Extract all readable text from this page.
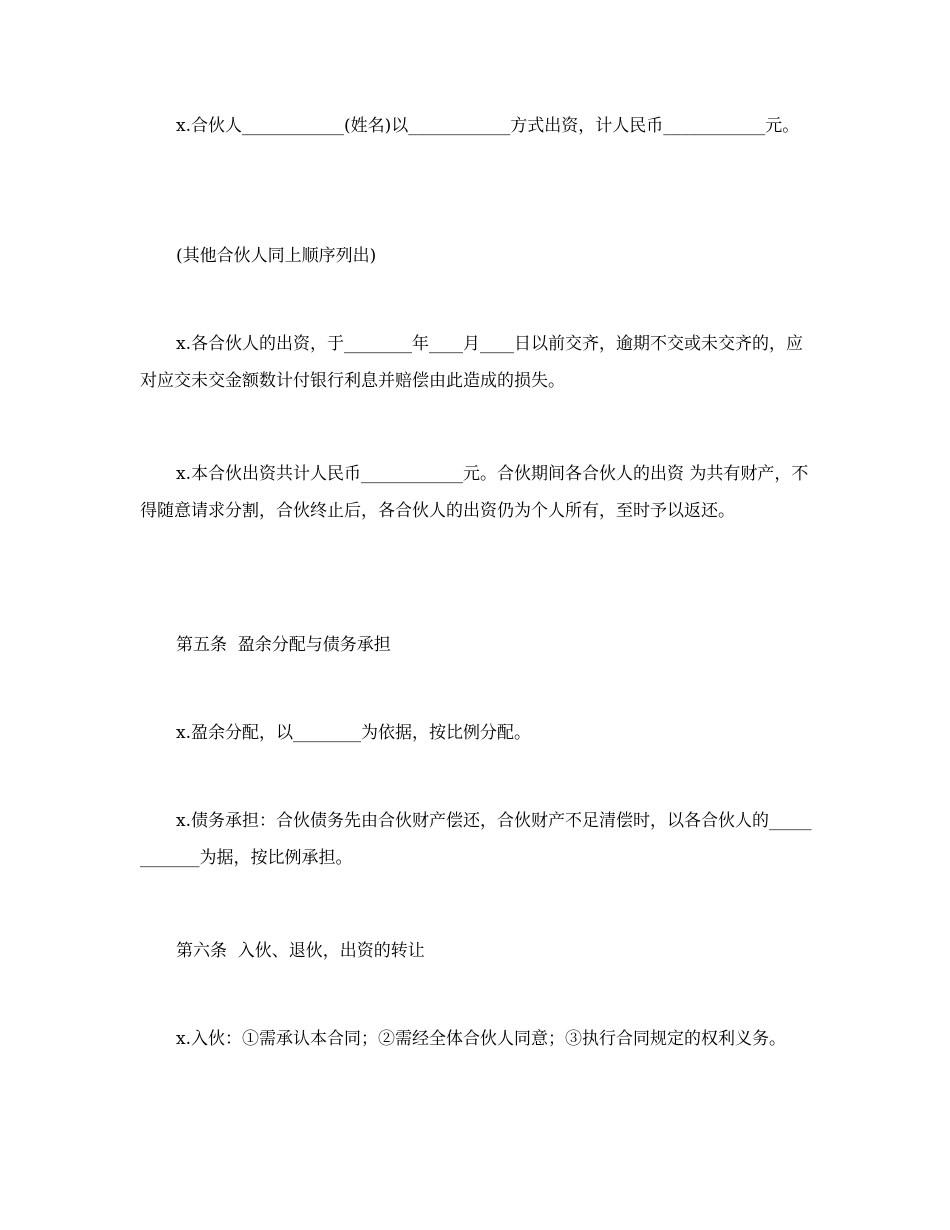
x.合伙人____________(姓名)以____________方式出资，计人民币____________元。

(其他合伙人同上顺序列出)

x.各合伙人的出资，于________年____月____日以前交齐，逾期不交或未交齐的，应对应交未交金额数计付银行利息并赔偿由此造成的损失。

x.本合伙出资共计人民币____________元。合伙期间各合伙人的出资 为共有财产，不得随意请求分割，合伙终止后，各合伙人的出资仍为个人所有，至时予以返还。

第五条  盈余分配与债务承担

x.盈余分配，以________为依据，按比例分配。

x.债务承担：合伙债务先由合伙财产偿还，合伙财产不足清偿时，以各合伙人的____________为据，按比例承担。

第六条  入伙、退伙，出资的转让

x.入伙：①需承认本合同；②需经全体合伙人同意；③执行合同规定的权利义务。
